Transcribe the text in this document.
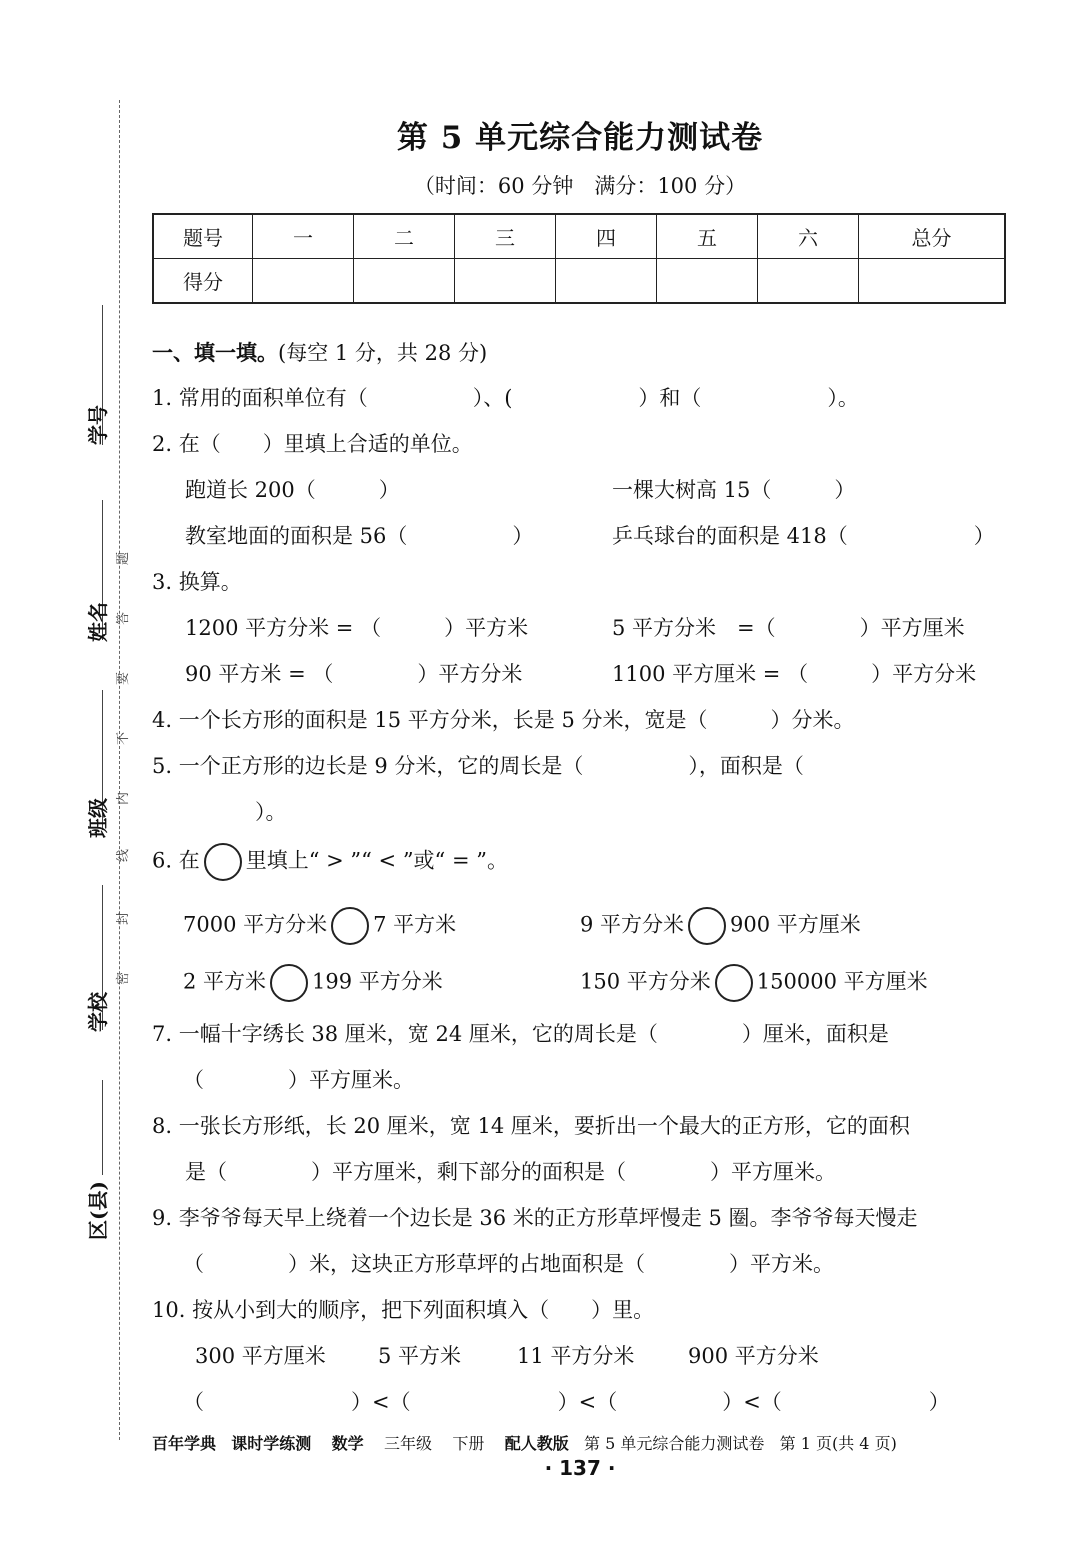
学号
姓名
班级
学校
区(县)
密
封
线
内
不
要
答
题
第 5 单元综合能力测试卷
（时间：60 分钟　满分：100 分）
题号	一	二	三	四	五	六	总分
得分							
一、填一填。(每空 1 分，共 28 分)
1. 常用的面积单位有（　　　　　）、(　　　　　　）和（　　　　　　）。
2. 在（　　）里填上合适的单位。
跑道长 200（　　　）	一棵大树高 15（　　　）
教室地面的面积是 56（　　　　　）	乒乓球台的面积是 418（　　　　　　）
3. 换算。
1200 平方分米 = （　　　）平方米	5 平方分米　=（　　　　）平方厘米
90 平方米 = （　　　　）平方分米	1100 平方厘米 = （　　　）平方分米
4. 一个长方形的面积是 15 平方分米，长是 5 分米，宽是（　　　）分米。
5. 一个正方形的边长是 9 分米，它的周长是（　　　　　），面积是（
）。
6. 在 里填上“ > ”“ < ”或“ = ”。
7000 平方分米 7 平方米	9 平方分米 900 平方厘米
2 平方米 199 平方分米	150 平方分米 150000 平方厘米
7. 一幅十字绣长 38 厘米，宽 24 厘米，它的周长是（　　　　）厘米，面积是
（　　　　）平方厘米。
8. 一张长方形纸，长 20 厘米，宽 14 厘米，要折出一个最大的正方形，它的面积
是（　　　　）平方厘米，剩下部分的面积是（　　　　）平方厘米。
9. 李爷爷每天早上绕着一个边长是 36 米的正方形草坪慢走 5 圈。李爷爷每天慢走
（　　　　）米，这块正方形草坪的占地面积是（　　　　）平方米。
10. 按从小到大的顺序，把下列面积填入（　　）里。
300 平方厘米 5 平方米	11 平方分米	900 平方分米
（　　　　　　　）<（　　　　　　　）<（　　　　　）<（　　　　　　　）
百年学典 课时学练测 数学 三年级 下册 配人教版 第 5 单元综合能力测试卷 第 1 页(共 4 页)
· 137 ·
